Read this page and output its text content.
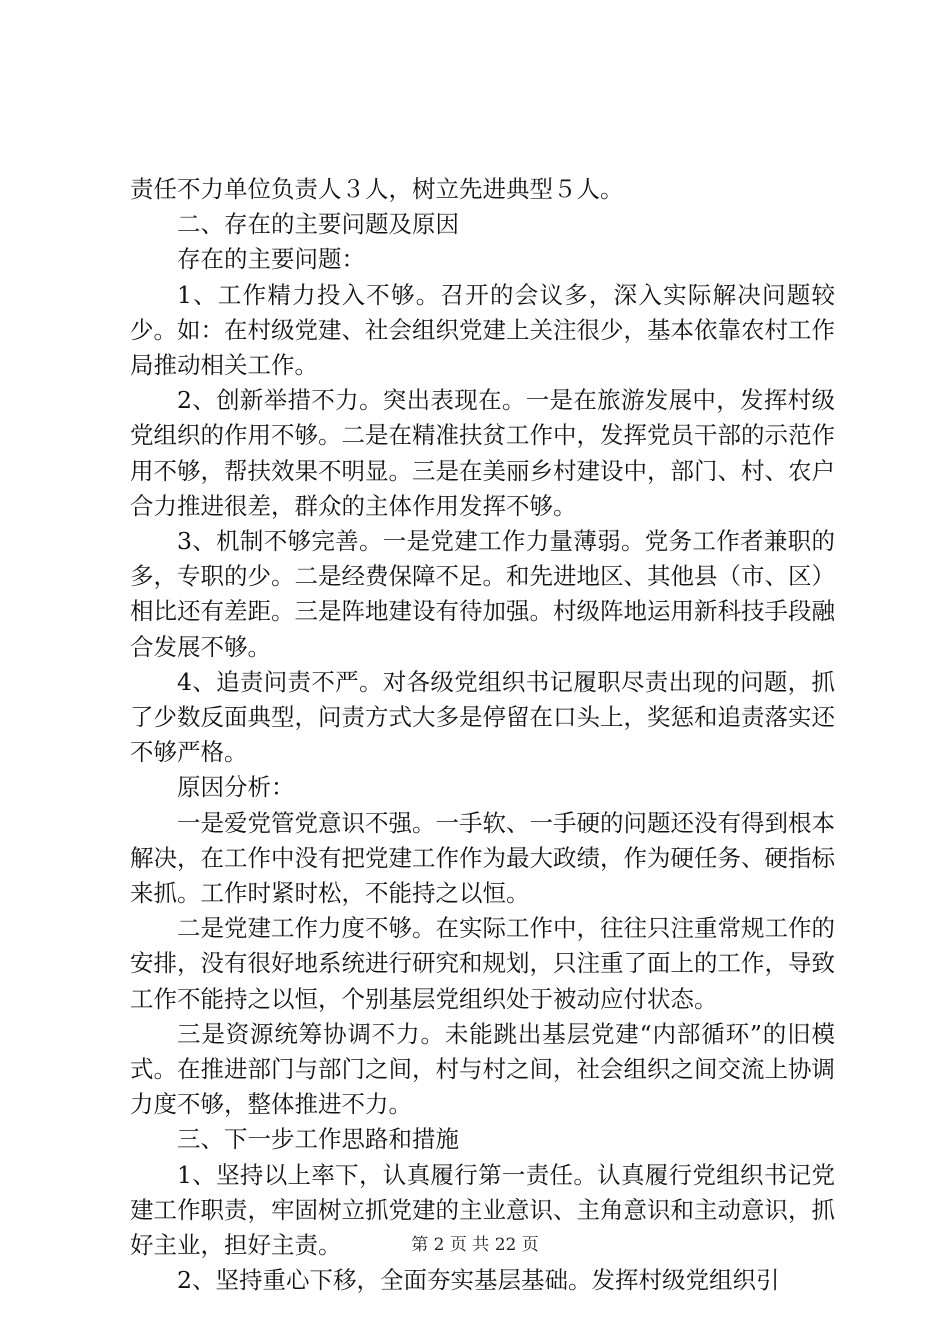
责任不力单位负责人３人，树立先进典型５人。

二、存在的主要问题及原因

存在的主要问题：

1、工作精力投入不够。召开的会议多，深入实际解决问题较少。如：在村级党建、社会组织党建上关注很少，基本依靠农村工作局推动相关工作。

2、创新举措不力。突出表现在。一是在旅游发展中，发挥村级党组织的作用不够。二是在精准扶贫工作中，发挥党员干部的示范作用不够，帮扶效果不明显。三是在美丽乡村建设中，部门、村、农户合力推进很差，群众的主体作用发挥不够。

3、机制不够完善。一是党建工作力量薄弱。党务工作者兼职的多，专职的少。二是经费保障不足。和先进地区、其他县（市、区）相比还有差距。三是阵地建设有待加强。村级阵地运用新科技手段融合发展不够。

4、追责问责不严。对各级党组织书记履职尽责出现的问题，抓了少数反面典型，问责方式大多是停留在口头上，奖惩和追责落实还不够严格。

原因分析：

一是爱党管党意识不强。一手软、一手硬的问题还没有得到根本解决，在工作中没有把党建工作作为最大政绩，作为硬任务、硬指标来抓。工作时紧时松，不能持之以恒。

二是党建工作力度不够。在实际工作中，往往只注重常规工作的安排，没有很好地系统进行研究和规划，只注重了面上的工作，导致工作不能持之以恒，个别基层党组织处于被动应付状态。

三是资源统筹协调不力。未能跳出基层党建“内部循环”的旧模式。在推进部门与部门之间，村与村之间，社会组织之间交流上协调力度不够，整体推进不力。

三、下一步工作思路和措施

1、坚持以上率下，认真履行第一责任。认真履行党组织书记党建工作职责，牢固树立抓党建的主业意识、主角意识和主动意识，抓好主业，担好主责。

2、坚持重心下移，全面夯实基层基础。发挥村级党组织引

第 2 页 共 22 页
